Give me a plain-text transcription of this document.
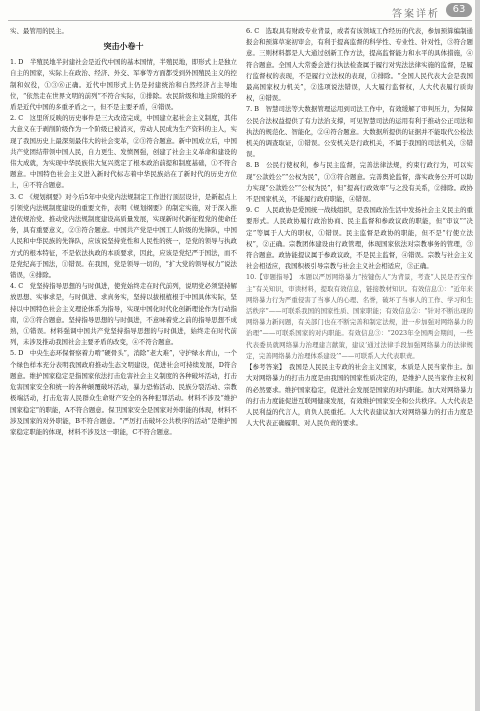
答案详析	63

实、最管用的民主。

突击小卷十

1. D　半殖民地半封建社会是近代中国的基本国情，半殖民地，即形式上是独立自主的国家，实际上在政治、经济、外交、军事等方面都受到外国殖民主义的控制和奴役，①③⑥正确。近代中国形式上仍是封建统治和自然经济占主导地位，“依然走在世界文明的前列”不符合实际，①排除。农民阶级和地主阶级的矛盾是近代中国的多重矛盾之一，但不是主要矛盾，④错误。

2. C　这里所反映的历史事件是三大改造完成，中国建立起社会主义制度，其伟大意义在于剥削阶级作为一个阶级已被消灭，劳动人民成为生产资料的主人，实现了我国历史上最深刻最伟大的社会变革，②③符合题意。新中国成立后，中国共产党团结带领中国人民，自力更生、发愤图强，创建了社会主义革命和建设的伟大成就，为实现中华民族伟大复兴奠定了根本政治前提和制度基础，①不符合题意。中国特色社会主义进入新时代标志着中华民族站在了新时代的历史方位上，④不符合题意。

3. C　《规划纲要》对今后5年中央党内法规制定工作进行顶层设计，是新起点上引领党内法规制度建设的重要文件，表明《规划纲要》的制定实施，对于深入推进依规治党、推动党内法规制度建设高质量发展，实现新时代新征程党的使命任务，具有重要意义，②③符合题意。中国共产党是中国工人阶级的先锋队，中国人民和中华民族的先锋队，应该说坚持党性和人民性的统一，是党的领导与执政方式的根本特征，不是依法执政的本质要求，因此，应该是党纪严于国法，而不是党纪高于国法，①错误。在我国，党是领导一切的，“扩大党的领导权力”说法错误，④排除。

4. C　党坚持指导思想的与时俱进，使党始终走在时代前列，说明党必须坚持解放思想、实事求是，与时俱进、求真务实，坚持以拔根植根于中国具体实际，坚持以中国特色社会主义理论体系为指导，实现中国化时代化创新理论作为行动指南，②③符合题意。坚持指导思想的与时俱进，不意味着党之前的指导思想不成熟，①错误。材料强调中国共产党坚持指导思想的与时俱进，始终走在时代前列，未涉及推动我国社会主要矛盾的改变，④不符合题意。

5. D　中央生态环保督察着力啃“硬骨头”，消除“老大难”，守护绿水青山，一个个绿色样本充分表明我国政府推动生态文明建设，促进社会可持续发展，D符合题意。维护国家稳定是指国家依法打击危害社会主义制度的各种破坏活动，打击危害国家安全和统一的各种颠覆破坏活动，暴力恐怖活动、民族分裂活动、宗教极端活动，打击危害人民群众生命财产安全的各种犯罪活动。材料不涉及“维护国家稳定”的职能，A不符合题意。保卫国家安全是国家对外职能的体现，材料不涉及国家的对外职能，B不符合题意。“严厉打击破坏公共秩序的活动”是维护国家稳定职能的体现，材料不涉及这一职能，C不符合题意。

6. C　选取具有财政专业背景，或者有该领域工作经历的代表，参加预算编制通报会和预算草案初审会，有利于提高监督的科学性、专业性、针对性，③符合题意。三则材料都是人大通过创新工作方法，提高监督能力和水平的具体措施，④符合题意。全国人大常委会进行执法检查属于履行对宪法法律实施的监督，是履行监督权的表现，不是履行立法权的表现，①排除。“全国人民代表大会是我国最高国家权力机关”，②选项说法错误，人大履行监督权，人大代表履行质询权，④错误。

7. B　智慧司法等大数据管理运用到司法工作中，有效缓解了审判压力，为保障公民合法权益提供了有力法治支撑，可见智慧司法的运用有利于推动公正司法和执法的规范化、智能化，②④符合题意。大数据所提供的证据并不能取代公检法机关的调查取证，①错误。公安机关是行政机关，不属于我国的司法机关，③错误。

8. B　公民行使权利，参与民主监督，完善法律法规，约束行政行为，可以实现“公款姓公”“公权为民”，①③符合题意。完善舆论监督，落实政务公开可以助力实现“公款姓公”“公权为民”，但“提高行政效率”与之没有关系，②排除。政协不是国家机关，不能履行政府职能，④错误。

9. C　人民政协是爱国统一战线组织，是我国政治生活中发扬社会主义民主的重要形式。人民政协履行政治协商、民主监督和参政议政的职能，但“审议”“决定”等属于人大的职权，①错误。民主监督是政协的职能，但不是“行使立法权”，②正确。宗教团体建设由行政管理，体现国家依法对宗教事务的管理，③符合题意。政协能提议属于参政议政，不是民主监督，④错误。宗教与社会主义社会相适应，我国积极引导宗教与社会主义社会相适应，③正确。

10.【审题指导】　本题以严厉网络暴力“按键伤人”为背景，考查“人民是否宝作主”有关知识，审读材料，提取有效信息，链接教材知识。有效信息①：“近年来网络暴力行为严重侵害了当事人的心理、名誉，破坏了当事人的工作、学习和生活秩序”——可联系我国的国家性质、国家职能；有效信息②：“针对不断出现的网络暴力新问题，有关部门也在不断完善和制定法规，进一步加强对网络暴力的治理”——可联系国家的对内职能。有效信息③：“2023年全国两会期间，一些代表委员就网络暴力治理建言献策，建议‘通过法律手段加强网络暴力的法律规定，完善网络暴力治理体系建设’”——可联系人大代表职责。

【参考答案】　我国是人民民主专政的社会主义国家，本质是人民当家作主。加大对网络暴力的打击力度是由我国的国家性质决定的，是维护人民当家作主权利的必然要求。维护国家稳定，促进社会发展是国家的对内职能。加大对网络暴力的打击力度能促进互联网健康发展，有效维护国家安全和公共秩序。人大代表是人民利益的代言人，肩负人民重托。人大代表建议加大对网络暴力的打击力度是人大代表正确履职、对人民负责的要求。
